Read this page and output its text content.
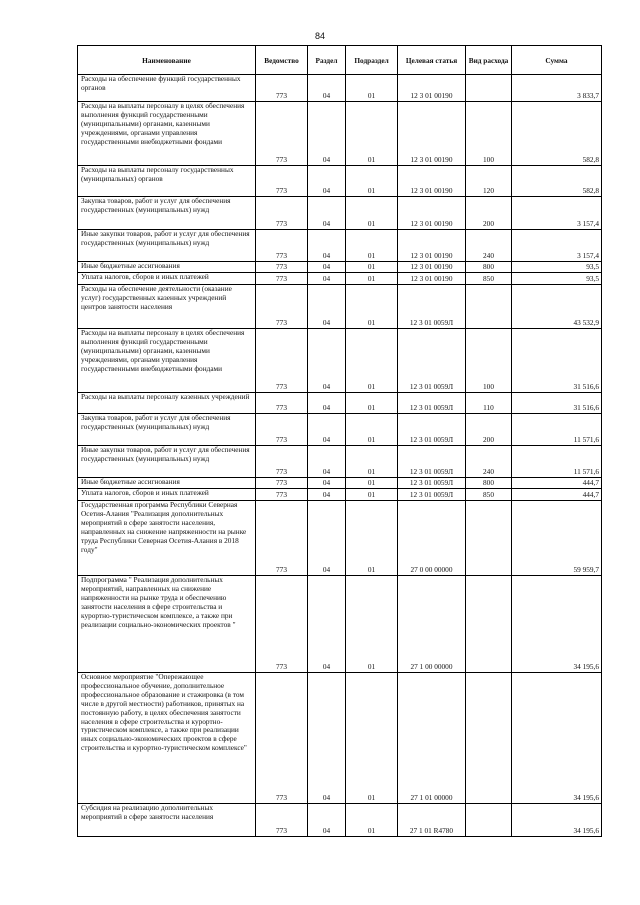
84
Наименование	Ведомство	Раздел	Подраздел	Целевая статья	Вид расхода	Сумма
Расходы на обеспечение функций государственных органов	773	04	01	12 3 01 00190		3 833,7
Расходы на выплаты персоналу в целях обеспечения выполнения функций государственными (муниципальными) органами, казенными учреждениями, органами управления государственными внебюджетными фондами	773	04	01	12 3 01 00190	100	582,8
Расходы на выплаты персоналу государственных (муниципальных) органов	773	04	01	12 3 01 00190	120	582,8
Закупка товаров, работ и услуг для обеспечения государственных (муниципальных) нужд	773	04	01	12 3 01 00190	200	3 157,4
Иные закупки товаров, работ и услуг для обеспечения государственных (муниципальных) нужд	773	04	01	12 3 01 00190	240	3 157,4
Иные бюджетные ассигнования	773	04	01	12 3 01 00190	800	93,5
Уплата налогов, сборов и иных платежей	773	04	01	12 3 01 00190	850	93,5
Расходы на обеспечение деятельности (оказание услуг) государственных казенных учреждений центров занятости населения	773	04	01	12 3 01 0059Л		43 532,9
Расходы на выплаты персоналу в целях обеспечения выполнения функций государственными (муниципальными) органами, казенными учреждениями, органами управления государственными внебюджетными фондами	773	04	01	12 3 01 0059Л	100	31 516,6
Расходы на выплаты персоналу казенных учреждений	773	04	01	12 3 01 0059Л	110	31 516,6
Закупка товаров, работ и услуг для обеспечения государственных (муниципальных) нужд	773	04	01	12 3 01 0059Л	200	11 571,6
Иные закупки товаров, работ и услуг для обеспечения государственных (муниципальных) нужд	773	04	01	12 3 01 0059Л	240	11 571,6
Иные бюджетные ассигнования	773	04	01	12 3 01 0059Л	800	444,7
Уплата налогов, сборов и иных платежей	773	04	01	12 3 01 0059Л	850	444,7
Государственная программа Республики Северная Осетия-Алания "Реализация дополнительных мероприятий в сфере занятости населения, направленных на снижение напряженности на рынке труда Республики Северная Осетия-Алания в 2018 году"	773	04	01	27 0 00 00000		59 959,7
Подпрограмма " Реализация дополнительных мероприятий, направленных на снижение напряженности на рынке труда и обеспечению занятости населения в сфере строительства и курортно-туристическом комплексе, а также при реализации социально-экономических проектов "	773	04	01	27 1 00 00000		34 195,6
Основное мероприятие "Опережающее профессиональное обучение, дополнительное профессиональное образование и стажировка (в том числе в другой местности) работников, принятых на постоянную работу, в целях обеспечения занятости населения в сфере строительства и курортно-туристическом комплексе, а также при реализации иных социально-экономических проектов в сфере строительства и курортно-туристическом комплексе"	773	04	01	27 1 01 00000		34 195,6
Субсидия на реализацию дополнительных мероприятий в сфере занятости населения	773	04	01	27 1 01 R4780		34 195,6
